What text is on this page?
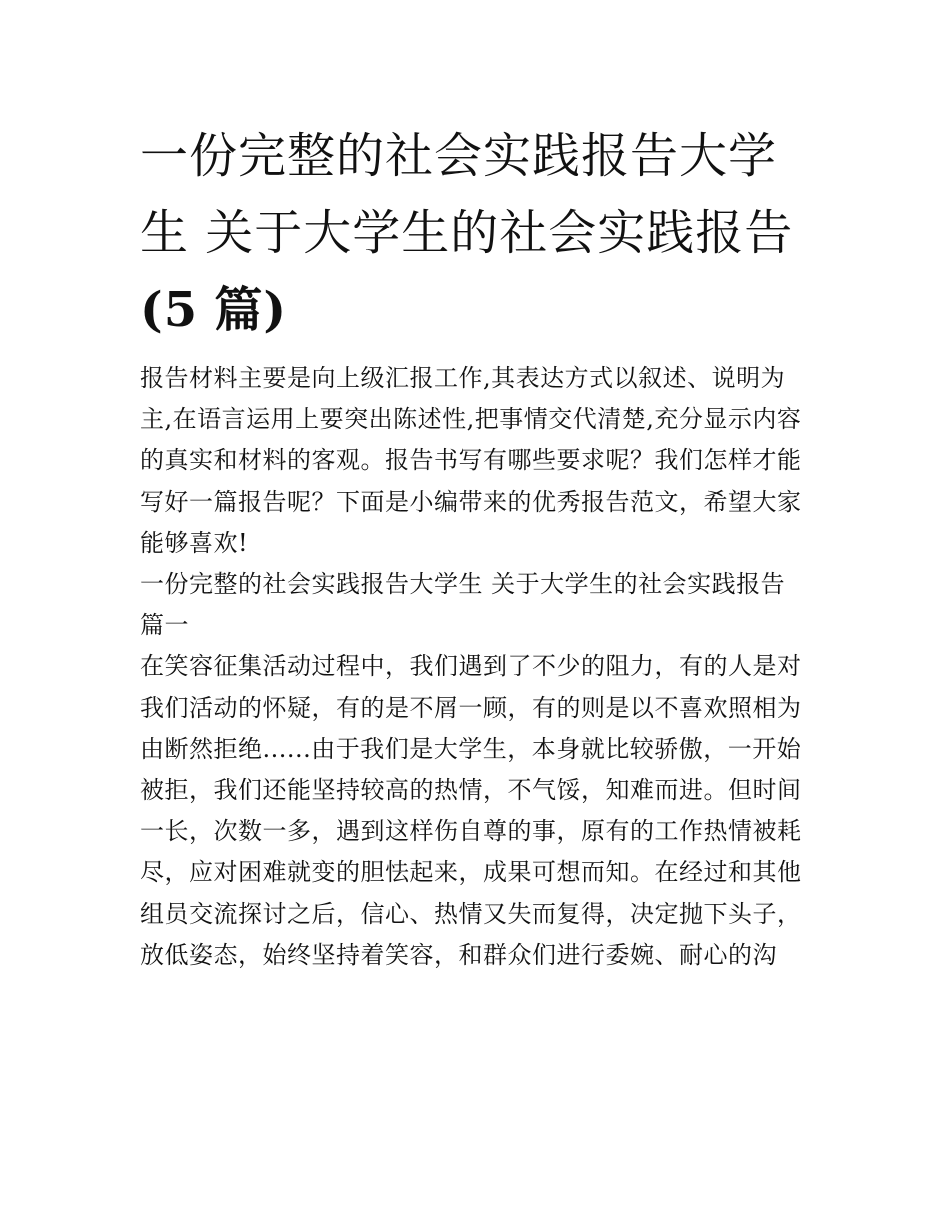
一份完整的社会实践报告大学
生 关于大学生的社会实践报告
(5 篇)

报告材料主要是向上级汇报工作,其表达方式以叙述、说明为

主,在语言运用上要突出陈述性,把事情交代清楚,充分显示内容

的真实和材料的客观。报告书写有哪些要求呢？我们怎样才能

写好一篇报告呢？下面是小编带来的优秀报告范文，希望大家

能够喜欢!

一份完整的社会实践报告大学生 关于大学生的社会实践报告

篇一

在笑容征集活动过程中，我们遇到了不少的阻力，有的人是对

我们活动的怀疑，有的是不屑一顾，有的则是以不喜欢照相为

由断然拒绝......由于我们是大学生，本身就比较骄傲，一开始

被拒，我们还能坚持较高的热情，不气馁，知难而进。但时间

一长，次数一多，遇到这样伤自尊的事，原有的工作热情被耗

尽，应对困难就变的胆怯起来，成果可想而知。在经过和其他

组员交流探讨之后，信心、热情又失而复得，决定抛下头子，

放低姿态，始终坚持着笑容，和群众们进行委婉、耐心的沟
